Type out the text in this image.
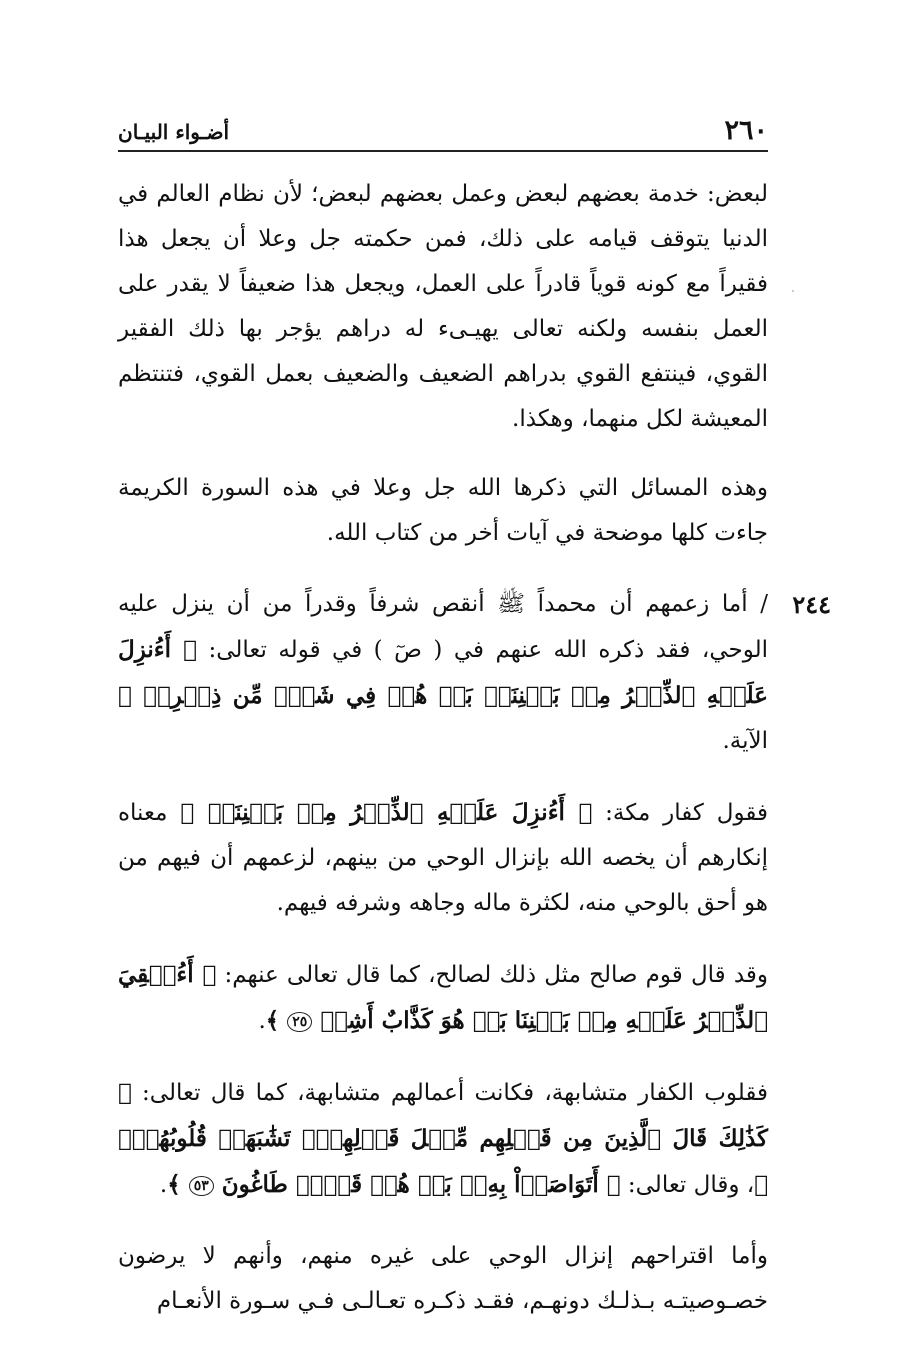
٢٦٠
أضـواء البيـان

لبعض: خدمة بعضهم لبعض وعمل بعضهم لبعض؛ لأن نظام العالم في الدنيا يتوقف قيامه على ذلك، فمن حكمته جل وعلا أن يجعل هذا فقيراً مع كونه قوياً قادراً على العمل، ويجعل هذا ضعيفاً لا يقدر على العمل بنفسه ولكنه تعالى يهيـىء له دراهم يؤجر بها ذلك الفقير القوي، فينتفع القوي بدراهم الضعيف والضعيف بعمل القوي، فتنتظم المعيشة لكل منهما، وهكذا.

وهذه المسائل التي ذكرها الله جل وعلا في هذه السورة الكريمة جاءت كلها موضحة في آيات أخر من كتاب الله.

٢٤٤
/ أما زعمهم أن محمداً ﷺ أنقص شرفاً وقدراً من أن ينزل عليه الوحي، فقد ذكره الله عنهم في ( صٓ ) في قوله تعالى: ﴿ أَءُنزِلَ عَلَيۡهِ ٱلذِّكۡرُ مِنۢ بَيۡنِنَاۚ بَلۡ هُمۡ فِي شَكّٖ مِّن ذِكۡرِيۚ ﴾ الآية.

فقول كفار مكة: ﴿ أَءُنزِلَ عَلَيۡهِ ٱلذِّكۡرُ مِنۢ بَيۡنِنَاۚ ﴾ معناه إنكارهم أن يخصه الله بإنزال الوحي من بينهم، لزعمهم أن فيهم من هو أحق بالوحي منه، لكثرة ماله وجاهه وشرفه فيهم.

وقد قال قوم صالح مثل ذلك لصالح، كما قال تعالى عنهم: ﴿ أَءُلۡقِيَ ٱلذِّكۡرُ عَلَيۡهِ مِنۢ بَيۡنِنَا بَلۡ هُوَ كَذَّابٌ أَشِرٞ ٢٥ ﴾.

فقلوب الكفار متشابهة، فكانت أعمالهم متشابهة، كما قال تعالى: ﴿ كَذَٰلِكَ قَالَ ٱلَّذِينَ مِن قَبۡلِهِم مِّثۡلَ قَوۡلِهِمۡۘ تَشَٰبَهَتۡ قُلُوبُهُمۡۗ ﴾، وقال تعالى: ﴿ أَتَوَاصَوۡاْ بِهِۦۚ بَلۡ هُمۡ قَوۡمٞ طَاغُونَ ٥٣ ﴾.

وأما اقتراحهم إنزال الوحي على غيره منهم، وأنهم لا يرضون خصـوصيتـه بـذلـك دونهـم، فقـد ذكـره تعـالـى فـي سـورة الأنعـام
